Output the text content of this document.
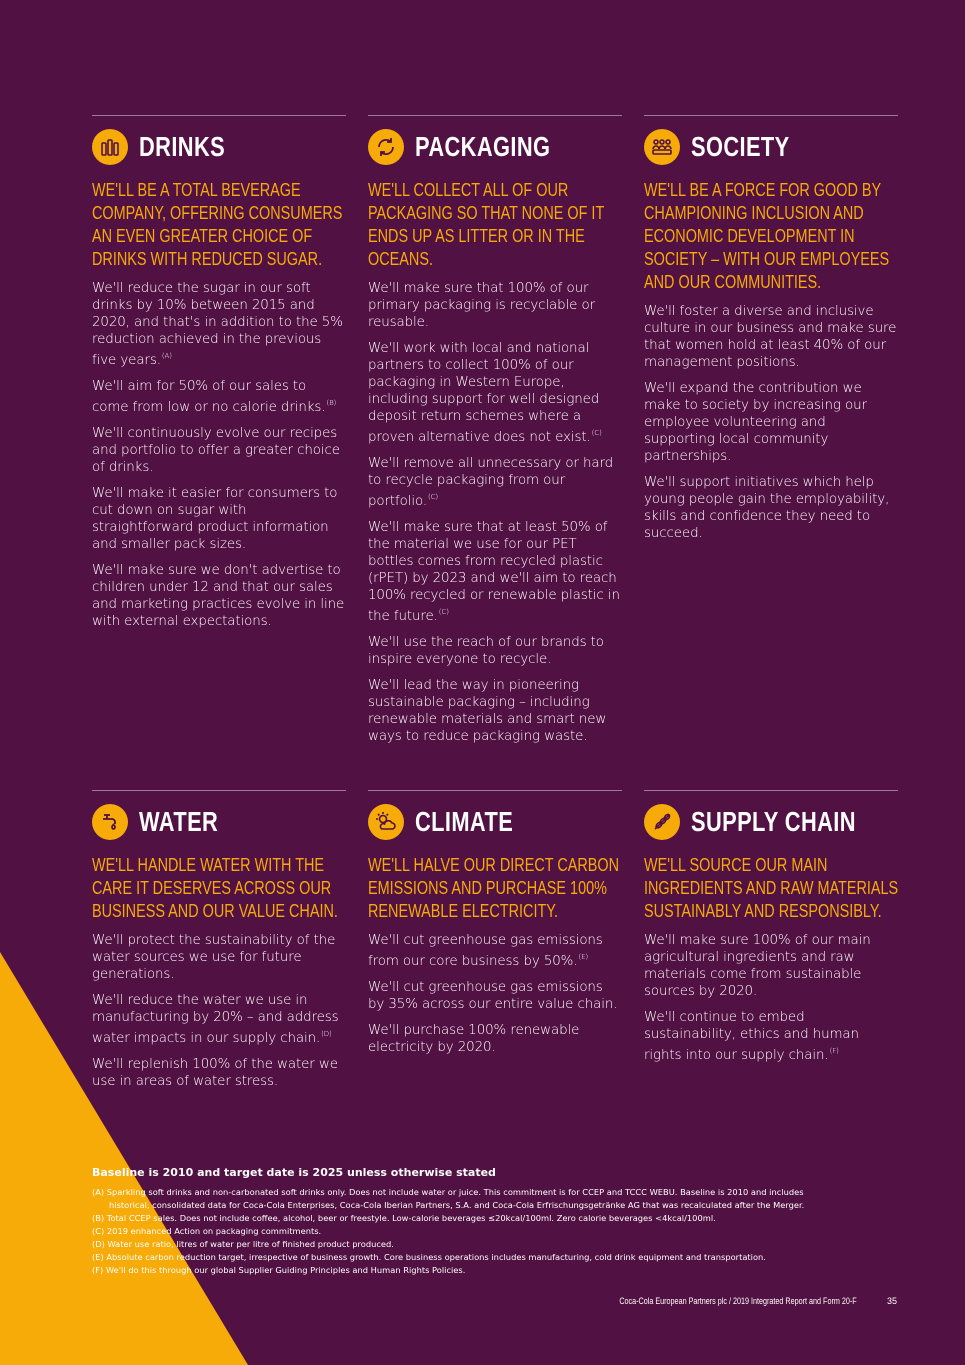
DRINKS
WE'LL BE A TOTAL BEVERAGE COMPANY, OFFERING CONSUMERS AN EVEN GREATER CHOICE OF DRINKS WITH REDUCED SUGAR.

We'll reduce the sugar in our soft drinks by 10% between 2015 and 2020, and that's in addition to the 5% reduction achieved in the previous five years.$^{(A)}$

We'll aim for 50% of our sales to come from low or no calorie drinks.$^{(B)}$

We'll continuously evolve our recipes and portfolio to offer a greater choice of drinks.

We'll make it easier for consumers to cut down on sugar with straightforward product information and smaller pack sizes.

We'll make sure we don't advertise to children under 12 and that our sales and marketing practices evolve in line with external expectations.

PACKAGING
WE'LL COLLECT ALL OF OUR PACKAGING SO THAT NONE OF IT ENDS UP AS LITTER OR IN THE OCEANS.

We'll make sure that 100% of our primary packaging is recyclable or reusable.

We'll work with local and national partners to collect 100% of our packaging in Western Europe, including support for well designed deposit return schemes where a proven alternative does not exist.$^{(C)}$

We'll remove all unnecessary or hard to recycle packaging from our portfolio.$^{(C)}$

We'll make sure that at least 50% of the material we use for our PET bottles comes from recycled plastic (rPET) by 2023 and we'll aim to reach 100% recycled or renewable plastic in the future.$^{(C)}$

We'll use the reach of our brands to inspire everyone to recycle.

We'll lead the way in pioneering sustainable packaging – including renewable materials and smart new ways to reduce packaging waste.

SOCIETY
WE'LL BE A FORCE FOR GOOD BY CHAMPIONING INCLUSION AND ECONOMIC DEVELOPMENT IN SOCIETY – WITH OUR EMPLOYEES AND OUR COMMUNITIES.

We'll foster a diverse and inclusive culture in our business and make sure that women hold at least 40% of our management positions.

We'll expand the contribution we make to society by increasing our employee volunteering and supporting local community partnerships.

We'll support initiatives which help young people gain the employability, skills and confidence they need to succeed.

WATER
WE'LL HANDLE WATER WITH THE CARE IT DESERVES ACROSS OUR BUSINESS AND OUR VALUE CHAIN.

We'll protect the sustainability of the water sources we use for future generations.

We'll reduce the water we use in manufacturing by 20% – and address water impacts in our supply chain.$^{(D)}$

We'll replenish 100% of the water we use in areas of water stress.

CLIMATE
WE'LL HALVE OUR DIRECT CARBON EMISSIONS AND PURCHASE 100% RENEWABLE ELECTRICITY.

We'll cut greenhouse gas emissions from our core business by 50%.$^{(E)}$

We'll cut greenhouse gas emissions by 35% across our entire value chain.

We'll purchase 100% renewable electricity by 2020.

SUPPLY CHAIN
WE'LL SOURCE OUR MAIN INGREDIENTS AND RAW MATERIALS SUSTAINABLY AND RESPONSIBLY.

We'll make sure 100% of our main agricultural ingredients and raw materials come from sustainable sources by 2020.

We'll continue to embed sustainability, ethics and human rights into our supply chain.$^{(F)}$

Baseline is 2010 and target date is 2025 unless otherwise stated
(A) Sparkling soft drinks and non-carbonated soft drinks only. Does not include water or juice. This commitment is for CCEP and TCCC WEBU. Baseline is 2010 and includes
historical, consolidated data for Coca-Cola Enterprises, Coca-Cola Iberian Partners, S.A. and Coca-Cola Erfrischungsgetränke AG that was recalculated after the Merger.
(B) Total CCEP sales. Does not include coffee, alcohol, beer or freestyle. Low-calorie beverages ≤20kcal/100ml. Zero calorie beverages <4kcal/100ml.
(C) 2019 enhanced Action on packaging commitments.
(D) Water use ratio, litres of water per litre of finished product produced.
(E) Absolute carbon reduction target, irrespective of business growth. Core business operations includes manufacturing, cold drink equipment and transportation.
(F) We'll do this through our global Supplier Guiding Principles and Human Rights Policies.
Coca-Cola European Partners plc / 2019 Integrated Report and Form 20-F	35
